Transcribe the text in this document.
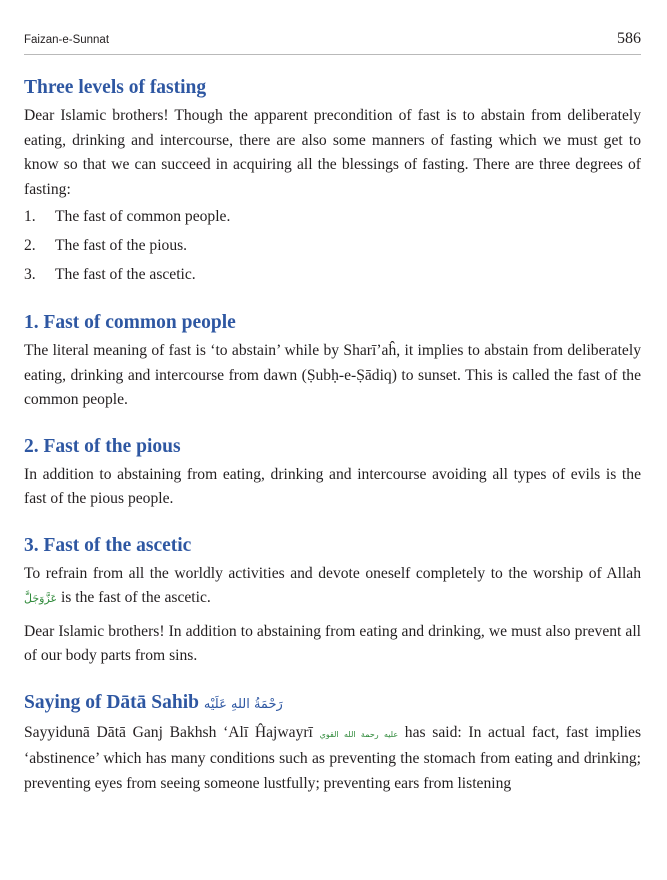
Faizan-e-Sunnat	586
Three levels of fasting

Dear Islamic brothers! Though the apparent precondition of fast is to abstain from deliberately eating, drinking and intercourse, there are also some manners of fasting which we must get to know so that we can succeed in acquiring all the blessings of fasting. There are three degrees of fasting:

1.	The fast of common people.
2.	The fast of the pious.
3.	The fast of the ascetic.
1. Fast of common people

The literal meaning of fast is ‘to abstain’ while by Sharī’aĥ, it implies to abstain from deliberately eating, drinking and intercourse from dawn (Ṣubḥ-e-Ṣādiq) to sunset. This is called the fast of the common people.

2. Fast of the pious

In addition to abstaining from eating, drinking and intercourse avoiding all types of evils is the fast of the pious people.

3. Fast of the ascetic

To refrain from all the worldly activities and devote oneself completely to the worship of Allah عَزَّوَجَلَّ is the fast of the ascetic.

Dear Islamic brothers! In addition to abstaining from eating and drinking, we must also prevent all of our body parts from sins.

Saying of Dātā Sahib رَحْمَةُ اللهِ عَلَيْه

Sayyidunā Dātā Ganj Bakhsh ‘Alī Ĥajwayrī عليه رحمة الله القوي has said: In actual fact, fast implies ‘abstinence’ which has many conditions such as preventing the stomach from eating and drinking; preventing eyes from seeing someone lustfully; preventing ears from listening
